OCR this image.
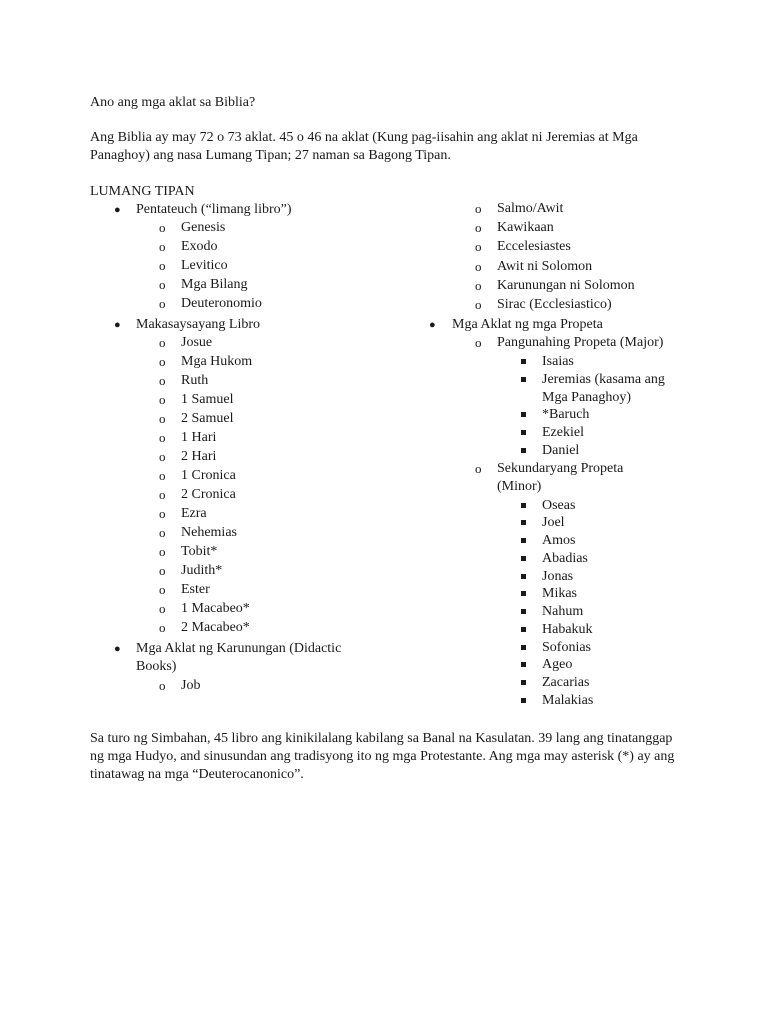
Ano ang mga aklat sa Biblia?

Ang Biblia ay may 72 o 73 aklat. 45 o 46 na aklat (Kung pag-iisahin ang aklat ni Jeremias at Mga Panaghoy) ang nasa Lumang Tipan; 27 naman sa Bagong Tipan.

LUMANG TIPAN

● Pentateuch (“limang libro”)

o Genesis

o Exodo

o Levitico

o Mga Bilang

o Deuteronomio

● Makasaysayang Libro

o Josue

o Mga Hukom

o Ruth

o 1 Samuel

o 2 Samuel

o 1 Hari

o 2 Hari

o 1 Cronica

o 2 Cronica

o Ezra

o Nehemias

o Tobit*

o Judith*

o Ester

o 1 Macabeo*

o 2 Macabeo*

● Mga Aklat ng Karunungan (Didactic Books)

o Job

o Salmo/Awit

o Kawikaan

o Eccelesiastes

o Awit ni Solomon

o Karunungan ni Solomon

o Sirac (Ecclesiastico)

● Mga Aklat ng mga Propeta

o Pangunahing Propeta (Major)

Isaias

Jeremias (kasama ang Mga Panaghoy)

*Baruch

Ezekiel

Daniel

o Sekundaryang Propeta (Minor)

Oseas

Joel

Amos

Abadias

Jonas

Mikas

Nahum

Habakuk

Sofonias

Ageo

Zacarias

Malakias

Sa turo ng Simbahan, 45 libro ang kinikilalang kabilang sa Banal na Kasulatan. 39 lang ang tinatanggap ng mga Hudyo, and sinusundan ang tradisyong ito ng mga Protestante. Ang mga may asterisk (*) ay ang tinatawag na mga “Deuterocanonico”.
